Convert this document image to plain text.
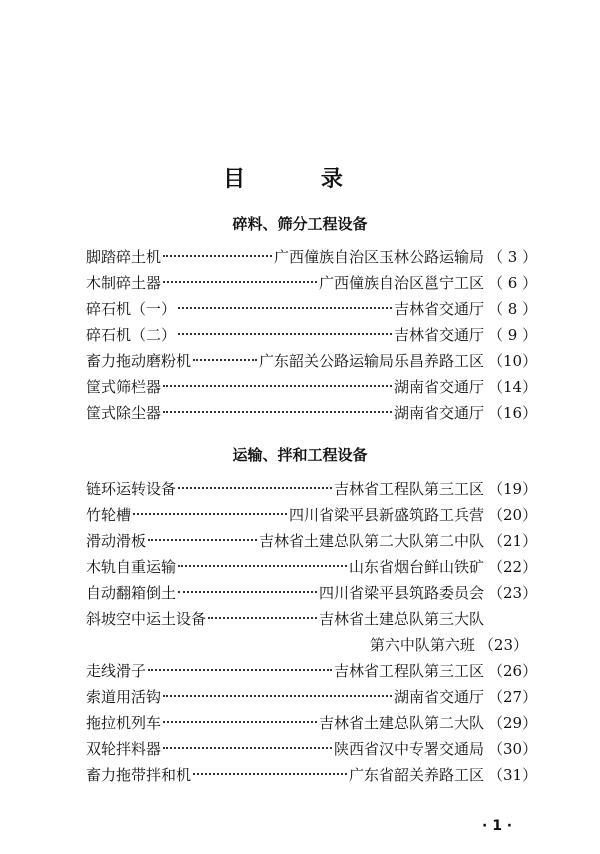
目 录
碎料、筛分工程设备
脚踏碎土机	广西僮族自治区玉林公路运输局 （ 3 ）
木制碎土器	广西僮族自治区邕宁工区 （ 6 ）
碎石机（一）	吉林省交通厅 （ 8 ）
碎石机（二）	吉林省交通厅 （ 9 ）
畜力拖动磨粉机	广东韶关公路运输局乐昌养路工区 （10）
筐式筛栏器	湖南省交通厅 （14）
筐式除尘器	湖南省交通厅 （16）
运输、拌和工程设备
链环运转设备	吉林省工程队第三工区 （19）
竹轮槽	四川省梁平县新盛筑路工兵营 （20）
滑动滑板	吉林省土建总队第二大队第二中队 （21）
木轨自重运输	山东省烟台鲜山铁矿 （22）
自动翻箱倒土	四川省梁平县筑路委员会 （23）
斜坡空中运土设备	吉林省土建总队第三大队
第六中队第六班 （23）
走线滑子	吉林省工程队第三工区 （26）
索道用活钩	湖南省交通厅 （27）
拖拉机列车	吉林省土建总队第二大队 （29）
双轮拌料器	陕西省汉中专署交通局 （30）
畜力拖带拌和机	广东省韶关养路工区 （31）
· 1 ·
